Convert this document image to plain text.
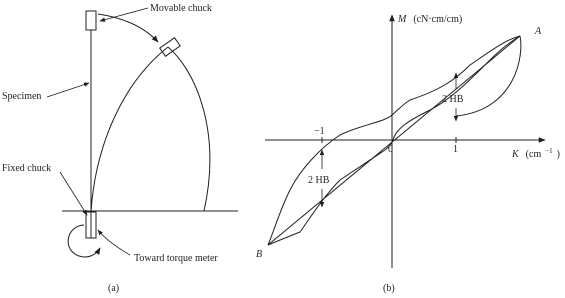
Movable chuck
Specimen
Fixed chuck
Toward torque meter
(a)
M (cN·cm/cm)
K (cm $^{-1}$ $_)$
−1
0	1
2 HB
2 HB
A
B
(b)
